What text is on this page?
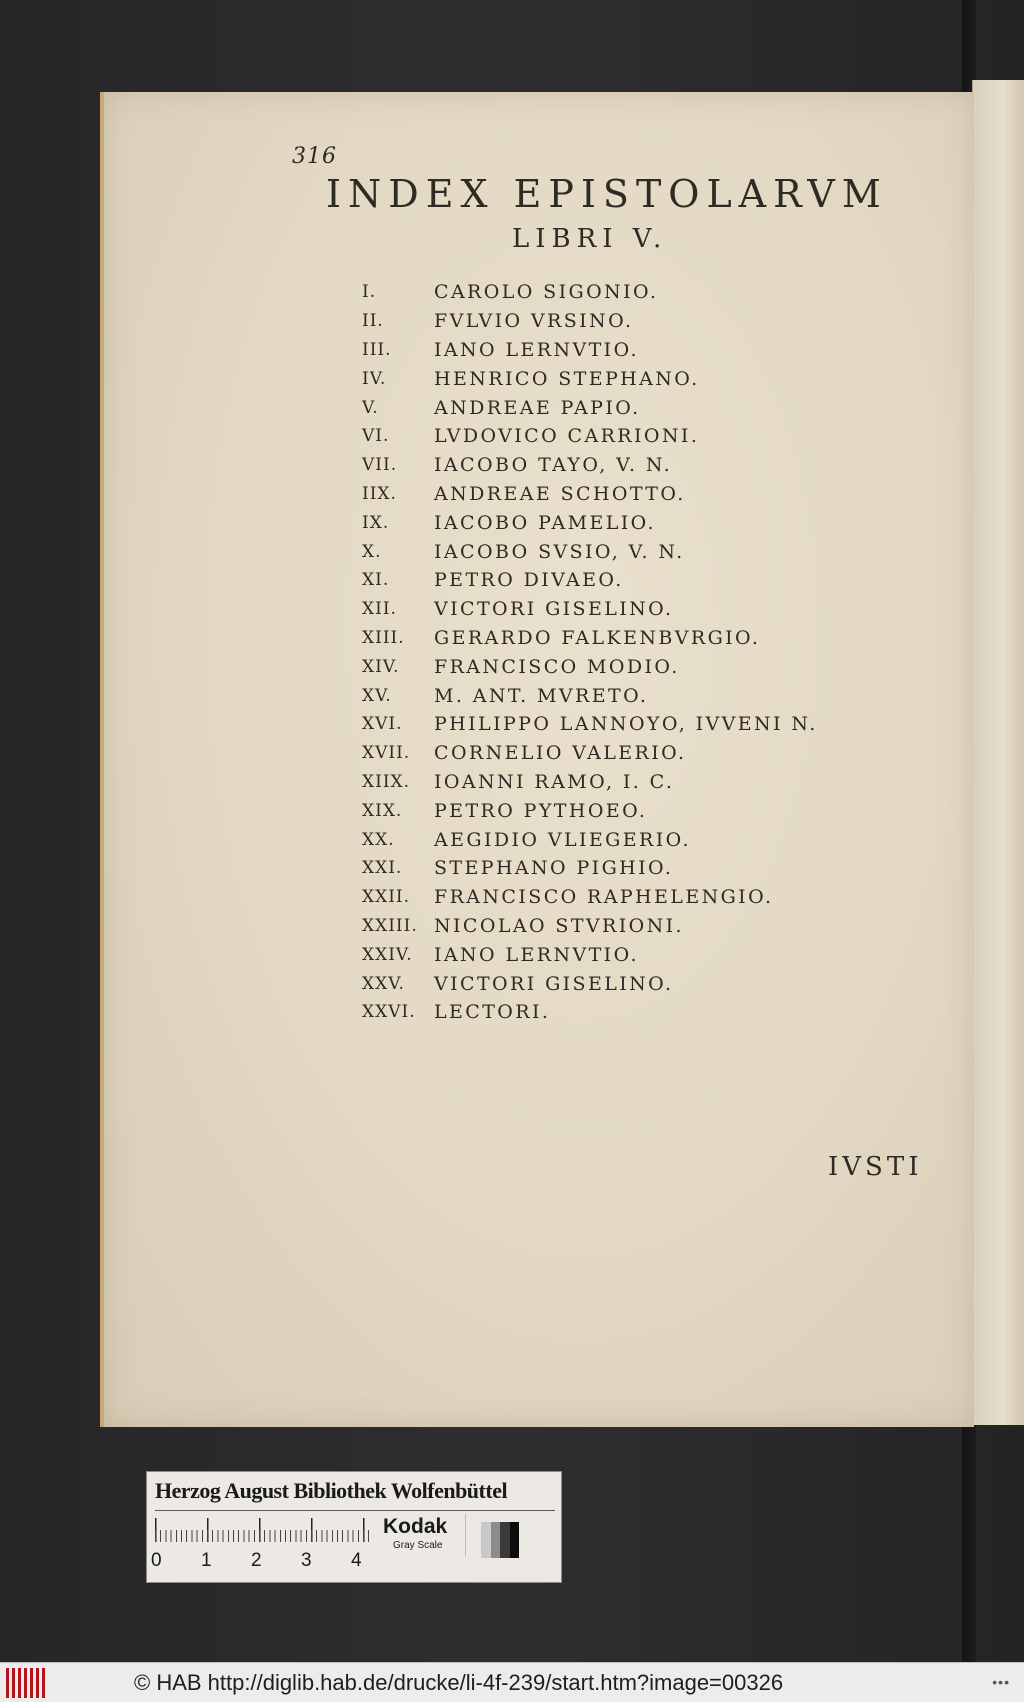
316
INDEX EPISTOLARVM
LIBRI V.
I.	CAROLO SIGONIO.
II.	FVLVIO VRSINO.
III.	IANO LERNVTIO.
IV.	HENRICO STEPHANO.
V.	ANDREAE PAPIO.
VI.	LVDOVICO CARRIONI.
VII.	IACOBO TAYO, V. N.
IIX.	ANDREAE SCHOTTO.
IX.	IACOBO PAMELIO.
X.	IACOBO SVSIO, V. N.
XI.	PETRO DIVAEO.
XII.	VICTORI GISELINO.
XIII.	GERARDO FALKENBVRGIO.
XIV.	FRANCISCO MODIO.
XV.	M. ANT. MVRETO.
XVI.	PHILIPPO LANNOYO, IVVENI N.
XVII.	CORNELIO VALERIO.
XIIX.	IOANNI RAMO, I. C.
XIX.	PETRO PYTHOEO.
XX.	AEGIDIO VLIEGERIO.
XXI.	STEPHANO PIGHIO.
XXII.	FRANCISCO RAPHELENGIO.
XXIII. NICOLAO STVRIONI.
XXIV.	IANO LERNVTIO.
XXV.	VICTORI GISELINO.
XXVI. LECTORI.
IVSTI
Herzog August Bibliothek Wolfenbüttel
0 1 2 3 4
Kodak
Gray Scale
© HAB http://diglib.hab.de/drucke/li-4f-239/start.htm?image=00326	•••
